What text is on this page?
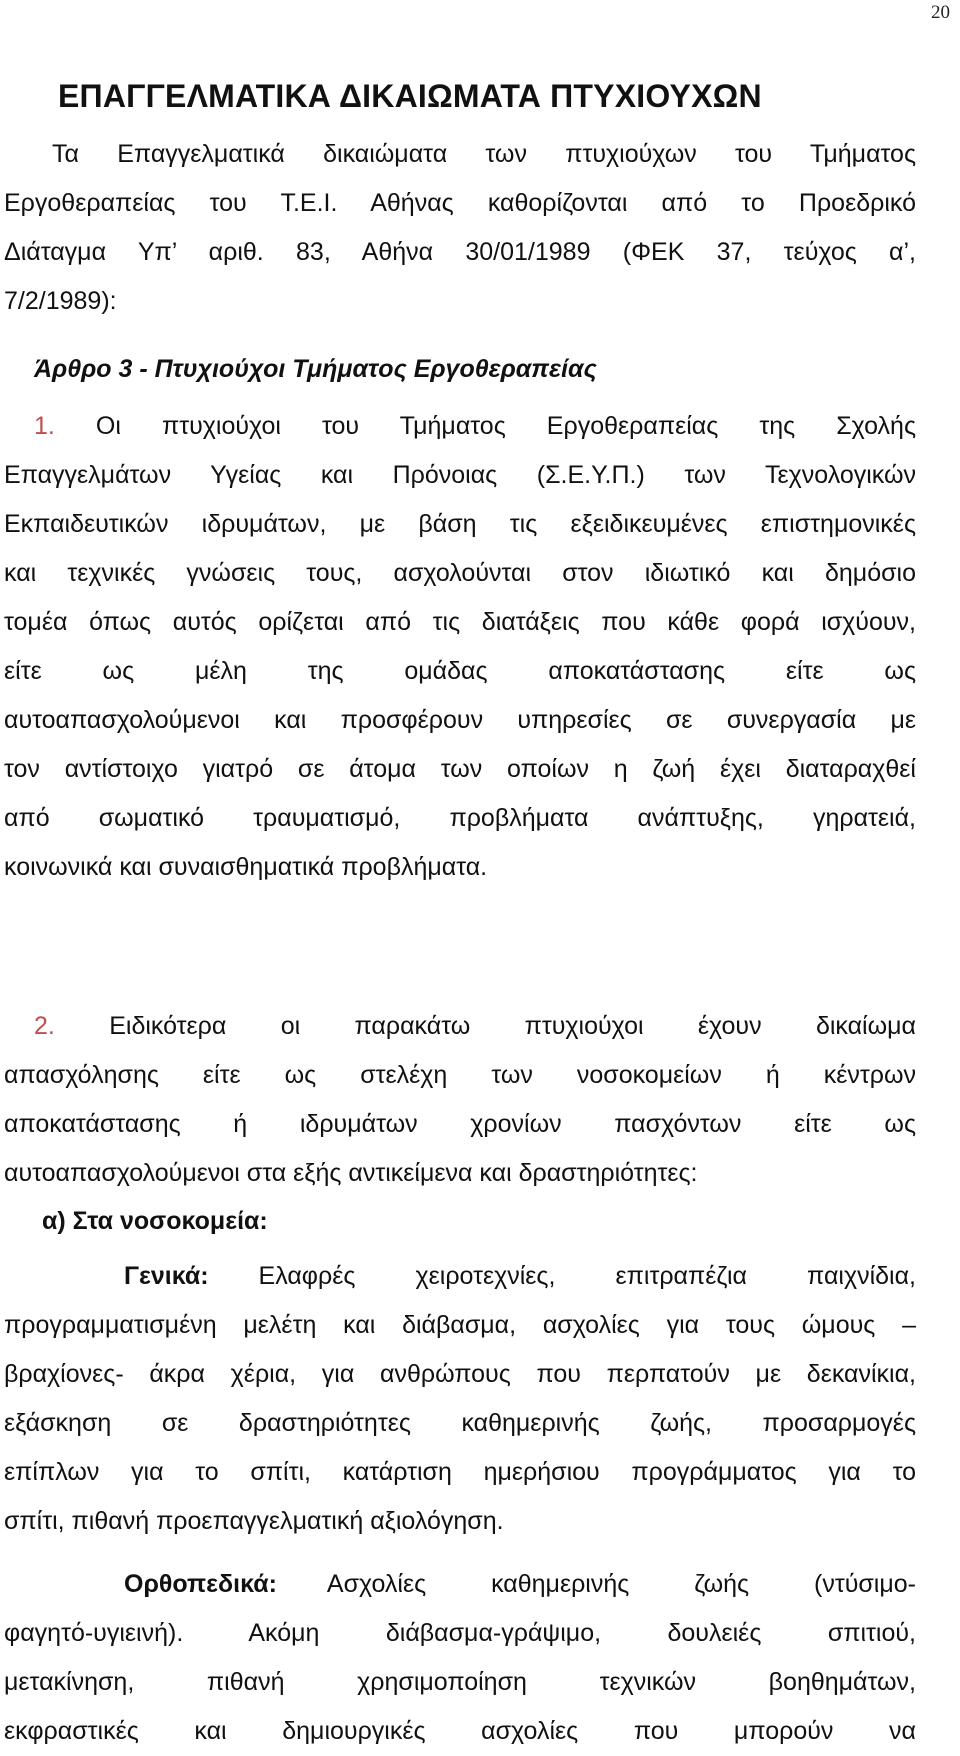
20
ΕΠΑΓΓΕΛΜΑΤΙΚΑ ΔΙΚΑΙΩΜΑΤΑ ΠΤΥΧΙΟΥΧΩΝ
Τα Επαγγελματικά δικαιώματα των πτυχιούχων του Τμήματος
Εργοθεραπείας του Τ.Ε.Ι. Αθήνας καθορίζονται από το Προεδρικό
Διάταγμα Υπ’ αριθ. 83, Αθήνα 30/01/1989 (ΦΕΚ 37, τεύχος α’,
7/2/1989):
Άρθρο 3 - Πτυχιούχοι Τμήματος Εργοθεραπείας
1. Οι πτυχιούχοι του Τμήματος Εργοθεραπείας της Σχολής
Επαγγελμάτων Υγείας και Πρόνοιας (Σ.Ε.Υ.Π.) των Τεχνολογικών
Εκπαιδευτικών ιδρυμάτων, με βάση τις εξειδικευμένες επιστημονικές
και τεχνικές γνώσεις τους, ασχολούνται στον ιδιωτικό και δημόσιο
τομέα όπως αυτός ορίζεται από τις διατάξεις που κάθε φορά ισχύουν,
είτε ως μέλη της ομάδας αποκατάστασης είτε ως
αυτοαπασχολούμενοι και προσφέρουν υπηρεσίες σε συνεργασία με
τον αντίστοιχο γιατρό σε άτομα των οποίων η ζωή έχει διαταραχθεί
από σωματικό τραυματισμό, προβλήματα ανάπτυξης, γηρατειά,
κοινωνικά και συναισθηματικά προβλήματα.
2. Ειδικότερα οι παρακάτω πτυχιούχοι έχουν δικαίωμα
απασχόλησης είτε ως στελέχη των νοσοκομείων ή κέντρων
αποκατάστασης ή ιδρυμάτων χρονίων πασχόντων είτε ως
αυτοαπασχολούμενοι στα εξής αντικείμενα και δραστηριότητες:
α) Στα νοσοκομεία:
Γενικά: Ελαφρές χειροτεχνίες, επιτραπέζια παιχνίδια,
προγραμματισμένη μελέτη και διάβασμα, ασχολίες για τους ώμους –
βραχίονες- άκρα χέρια, για ανθρώπους που περπατούν με δεκανίκια,
εξάσκηση σε δραστηριότητες καθημερινής ζωής, προσαρμογές
επίπλων για το σπίτι, κατάρτιση ημερήσιου προγράμματος για το
σπίτι, πιθανή προεπαγγελματική αξιολόγηση.
Ορθοπεδικά: Ασχολίες καθημερινής ζωής (ντύσιμο-
φαγητό-υγιεινή). Ακόμη διάβασμα-γράψιμο, δουλειές σπιτιού,
μετακίνηση, πιθανή χρησιμοποίηση τεχνικών βοηθημάτων,
εκφραστικές και δημιουργικές ασχολίες που μπορούν να
